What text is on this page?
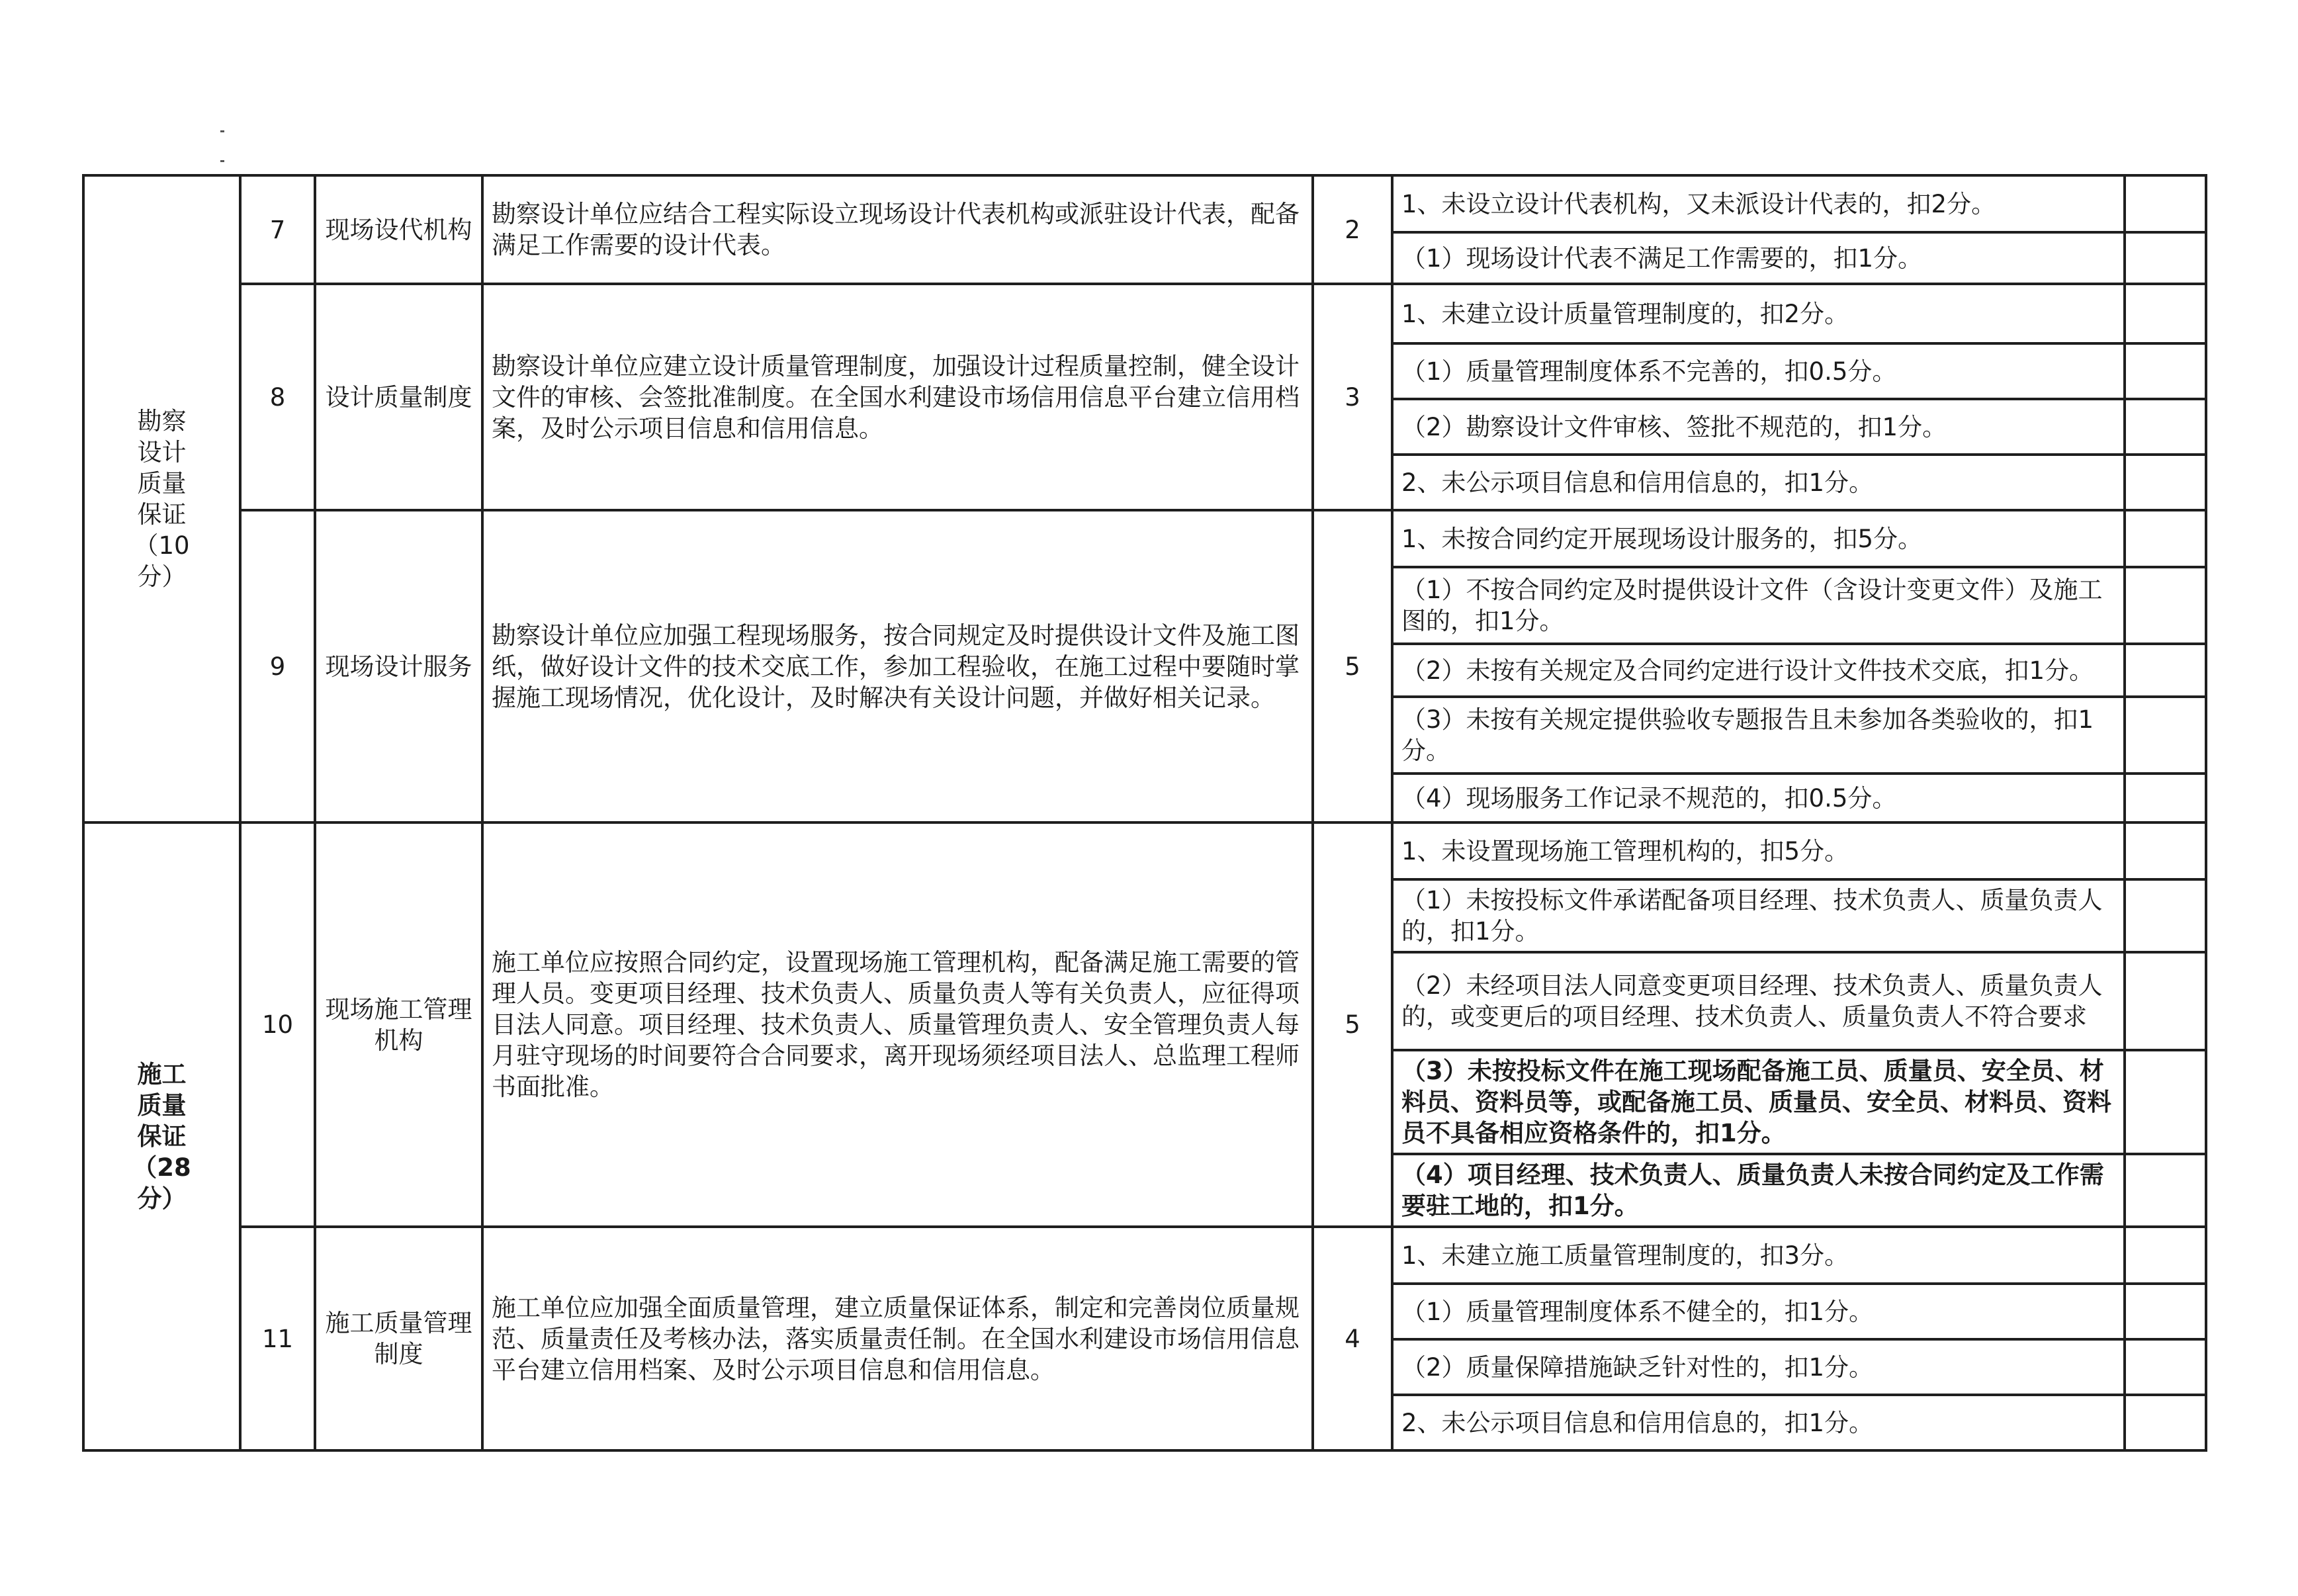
勘察设计质量保证（10分）	7	现场设代机构	勘察设计单位应结合工程实际设立现场设计代表机构或派驻设计代表，配备满足工作需要的设计代表。	2	1、未设立设计代表机构，又未派设计代表的，扣2分。	
					（1）现场设计代表不满足工作需要的，扣1分。	
	8	设计质量制度	勘察设计单位应建立设计质量管理制度，加强设计过程质量控制，健全设计文件的审核、会签批准制度。在全国水利建设市场信用信息平台建立信用档案，及时公示项目信息和信用信息。	3	1、未建立设计质量管理制度的，扣2分。	
					（1）质量管理制度体系不完善的，扣0.5分。	
					（2）勘察设计文件审核、签批不规范的，扣1分。	
					2、未公示项目信息和信用信息的，扣1分。	
	9	现场设计服务	勘察设计单位应加强工程现场服务，按合同规定及时提供设计文件及施工图纸，做好设计文件的技术交底工作，参加工程验收，在施工过程中要随时掌握施工现场情况，优化设计，及时解决有关设计问题，并做好相关记录。	5	1、未按合同约定开展现场设计服务的，扣5分。	
					（1）不按合同约定及时提供设计文件（含设计变更文件）及施工图的，扣1分。	
					（2）未按有关规定及合同约定进行设计文件技术交底，扣1分。	
					（3）未按有关规定提供验收专题报告且未参加各类验收的，扣1分。	
					（4）现场服务工作记录不规范的，扣0.5分。	

施工质量保证（28分）	10	现场施工管理机构	施工单位应按照合同约定，设置现场施工管理机构，配备满足施工需要的管理人员。变更项目经理、技术负责人、质量负责人等有关负责人，应征得项目法人同意。项目经理、技术负责人、质量管理负责人、安全管理负责人每月驻守现场的时间要符合合同要求，离开现场须经项目法人、总监理工程师书面批准。	5	1、未设置现场施工管理机构的，扣5分。	
					（1）未按投标文件承诺配备项目经理、技术负责人、质量负责人的，扣1分。	
					（2）未经项目法人同意变更项目经理、技术负责人、质量负责人的，或变更后的项目经理、技术负责人、质量负责人不符合要求	
					（3）未按投标文件在施工现场配备施工员、质量员、安全员、材料员、资料员等，或配备施工员、质量员、安全员、材料员、资料员不具备相应资格条件的，扣1分。	
					（4）项目经理、技术负责人、质量负责人未按合同约定及工作需要驻工地的，扣1分。	
	11	施工质量管理制度	施工单位应加强全面质量管理，建立质量保证体系，制定和完善岗位质量规范、质量责任及考核办法，落实质量责任制。在全国水利建设市场信用信息平台建立信用档案、及时公示项目信息和信用信息。	4	1、未建立施工质量管理制度的，扣3分。	
					（1）质量管理制度体系不健全的，扣1分。	
					（2）质量保障措施缺乏针对性的，扣1分。	
					2、未公示项目信息和信用信息的，扣1分。	
